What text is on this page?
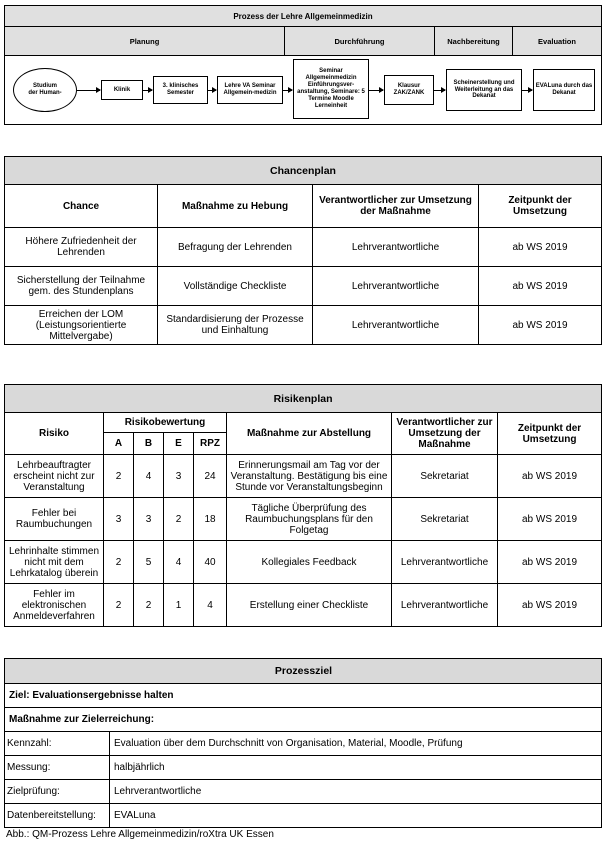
Prozess der Lehre Allgemeinmedizin
Planung	Durchführung	Nachbereitung	Evaluation

Studium der Human-
Klinik
3. klinisches Semester
Lehre VA Seminar Allgemein-medizin
Seminar Allgemeinmedizin Einführungsver-anstaltung, Seminare: 5 Termine Moodle Lerneinheit
Klausur ZAK/ZANK
Scheinerstellung und Weiterleitung an das Dekanat
EVALuna durch das Dekanat
Chancenplan			
Chance	Maßnahme zu Hebung	Verantwortlicher zur Umsetzung der Maßnahme	Zeitpunkt der Umsetzung
Höhere Zufriedenheit der Lehrenden	Befragung der Lehrenden	Lehrverantwortliche	ab WS 2019
Sicherstellung der Teilnahme gem. des Stundenplans	Vollständige Checkliste	Lehrverantwortliche	ab WS 2019
Erreichen der LOM (Leistungsorientierte Mittelvergabe)	Standardisierung der Prozesse und Einhaltung	Lehrverantwortliche	ab WS 2019
Risikenplan							
Risiko	Risikobewertung				Maßnahme zur Abstellung	Verantwortlicher zur Umsetzung der Maßnahme	Zeitpunkt der Umsetzung
	A	B	E	RPZ			
Lehrbeauftragter erscheint nicht zur Veranstaltung	2	4	3	24	Erinnerungsmail am Tag vor der Veranstaltung. Bestätigung bis eine Stunde vor Veranstaltungsbeginn	Sekretariat	ab WS 2019
Fehler bei Raumbuchungen	3	3	2	18	Tägliche Überprüfung des Raumbuchungsplans für den Folgetag	Sekretariat	ab WS 2019
Lehrinhalte stimmen nicht mit dem Lehrkatalog überein	2	5	4	40	Kollegiales Feedback	Lehrverantwortliche	ab WS 2019
Fehler im elektronischen Anmeldeverfahren	2	2	1	4	Erstellung einer Checkliste	Lehrverantwortliche	ab WS 2019
Prozessziel	
Ziel: Evaluationsergebnisse halten	
Maßnahme zur Zielerreichung:	
Kennzahl:	Evaluation über dem Durchschnitt von Organisation, Material, Moodle, Prüfung
Messung:	halbjährlich
Zielprüfung:	Lehrverantwortliche
Datenbereitstellung:	EVALuna
Abb.: QM-Prozess Lehre Allgemeinmedizin/roXtra UK Essen
